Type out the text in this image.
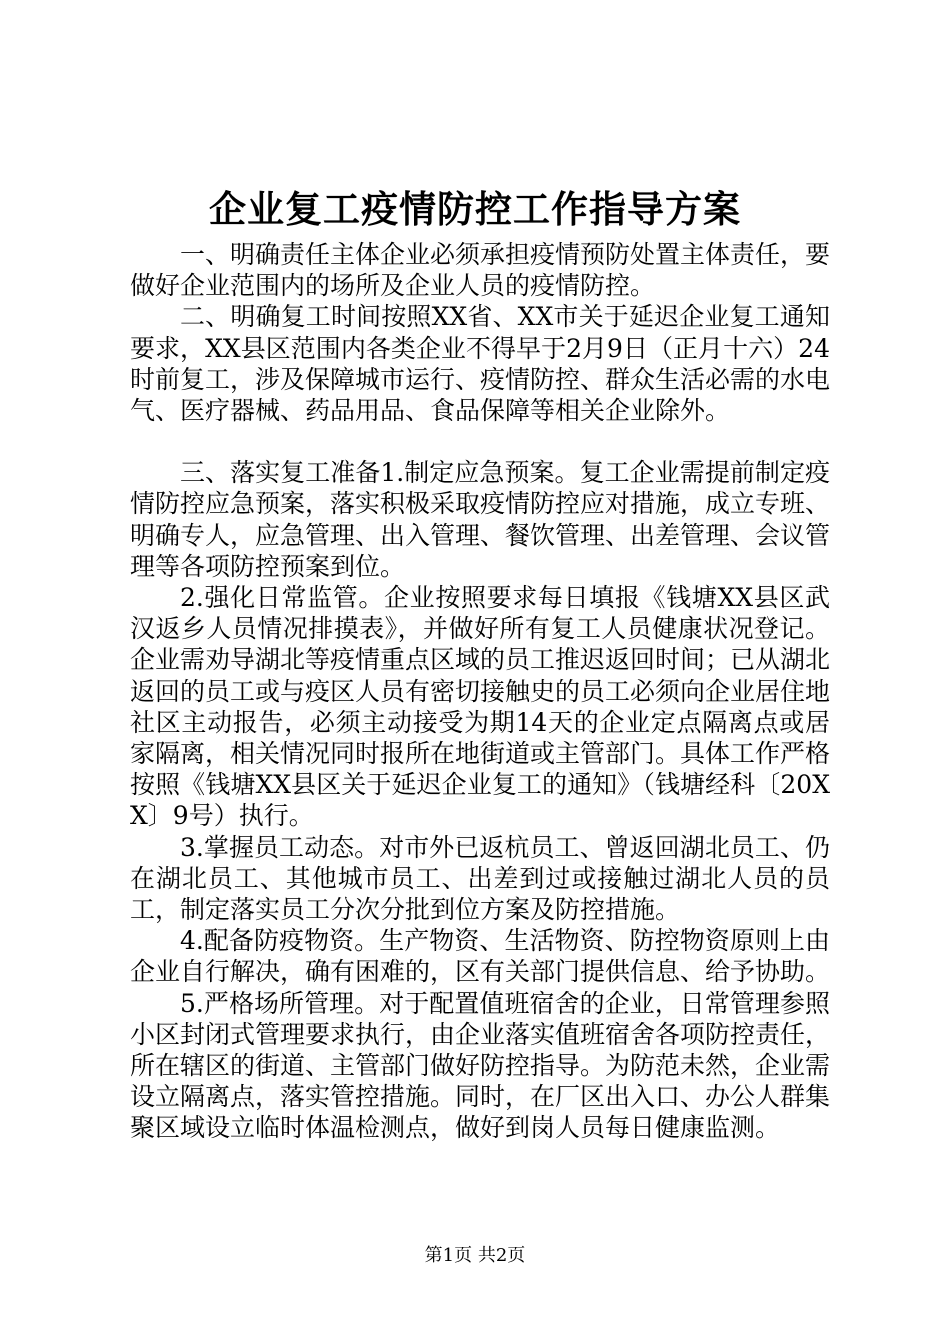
企业复工疫情防控工作指导方案

一、明确责任主体企业必须承担疫情预防处置主体责任，要做好企业范围内的场所及企业人员的疫情防控。

二、明确复工时间按照XX省、XX市关于延迟企业复工通知要求，XX县区范围内各类企业不得早于2月9日（正月十六）24时前复工，涉及保障城市运行、疫情防控、群众生活必需的水电气、医疗器械、药品用品、食品保障等相关企业除外。

三、落实复工准备1.制定应急预案。复工企业需提前制定疫情防控应急预案，落实积极采取疫情防控应对措施，成立专班、明确专人，应急管理、出入管理、餐饮管理、出差管理、会议管理等各项防控预案到位。

2.强化日常监管。企业按照要求每日填报《钱塘XX县区武汉返乡人员情况排摸表》，并做好所有复工人员健康状况登记。企业需劝导湖北等疫情重点区域的员工推迟返回时间；已从湖北返回的员工或与疫区人员有密切接触史的员工必须向企业居住地社区主动报告，必须主动接受为期14天的企业定点隔离点或居家隔离，相关情况同时报所在地街道或主管部门。具体工作严格按照《钱塘XX县区关于延迟企业复工的通知》（钱塘经科〔20XX〕9号）执行。

3.掌握员工动态。对市外已返杭员工、曾返回湖北员工、仍在湖北员工、其他城市员工、出差到过或接触过湖北人员的员工，制定落实员工分次分批到位方案及防控措施。

4.配备防疫物资。生产物资、生活物资、防控物资原则上由企业自行解决，确有困难的，区有关部门提供信息、给予协助。

5.严格场所管理。对于配置值班宿舍的企业，日常管理参照小区封闭式管理要求执行，由企业落实值班宿舍各项防控责任，所在辖区的街道、主管部门做好防控指导。为防范未然，企业需设立隔离点，落实管控措施。同时，在厂区出入口、办公人群集聚区域设立临时体温检测点，做好到岗人员每日健康监测。

第1页 共2页
